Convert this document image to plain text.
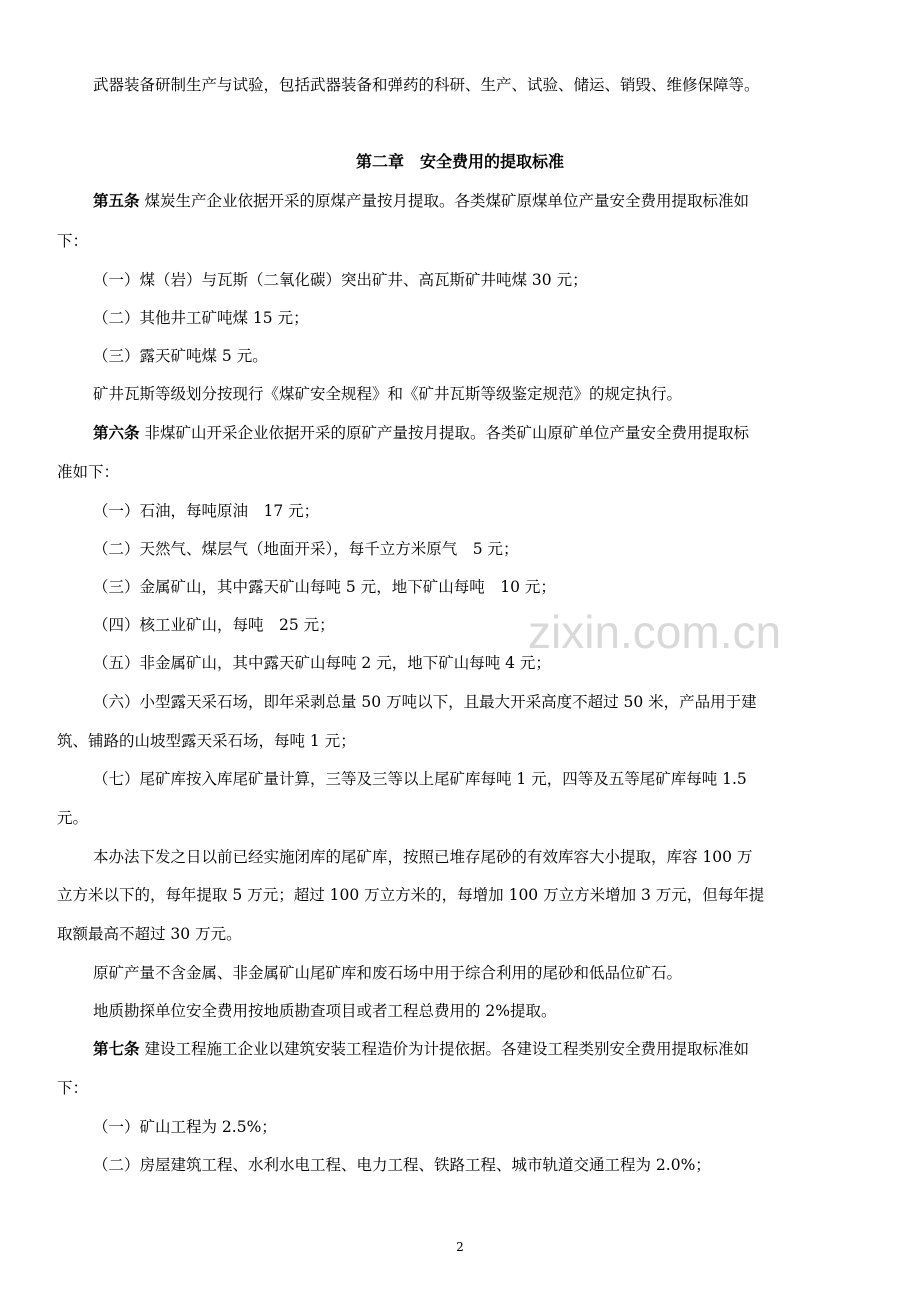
武器装备研制生产与试验，包括武器装备和弹药的科研、生产、试验、储运、销毁、维修保障等。
第二章　安全费用的提取标准
第五条 煤炭生产企业依据开采的原煤产量按月提取。各类煤矿原煤单位产量安全费用提取标准如
下：
（一）煤（岩）与瓦斯（二氧化碳）突出矿井、高瓦斯矿井吨煤 30 元；
（二）其他井工矿吨煤 15 元；
（三）露天矿吨煤 5 元。
矿井瓦斯等级划分按现行《煤矿安全规程》和《矿井瓦斯等级鉴定规范》的规定执行。
第六条 非煤矿山开采企业依据开采的原矿产量按月提取。各类矿山原矿单位产量安全费用提取标
准如下：
（一）石油，每吨原油　17 元；
（二）天然气、煤层气（地面开采），每千立方米原气　5 元；
（三）金属矿山，其中露天矿山每吨 5 元，地下矿山每吨　10 元；
（四）核工业矿山，每吨　25 元；
（五）非金属矿山，其中露天矿山每吨 2 元，地下矿山每吨 4 元；
（六）小型露天采石场，即年采剥总量 50 万吨以下，且最大开采高度不超过 50 米，产品用于建
筑、铺路的山坡型露天采石场，每吨 1 元；
（七）尾矿库按入库尾矿量计算，三等及三等以上尾矿库每吨 1 元，四等及五等尾矿库每吨 1.5
元。
本办法下发之日以前已经实施闭库的尾矿库，按照已堆存尾砂的有效库容大小提取，库容 100 万
立方米以下的，每年提取 5 万元；超过 100 万立方米的，每增加 100 万立方米增加 3 万元，但每年提
取额最高不超过 30 万元。
原矿产量不含金属、非金属矿山尾矿库和废石场中用于综合利用的尾砂和低品位矿石。
地质勘探单位安全费用按地质勘查项目或者工程总费用的 2%提取。
第七条 建设工程施工企业以建筑安装工程造价为计提依据。各建设工程类别安全费用提取标准如
下：
（一）矿山工程为 2.5%；
（二）房屋建筑工程、水利水电工程、电力工程、铁路工程、城市轨道交通工程为 2.0%；
zixin.com.cn
2
